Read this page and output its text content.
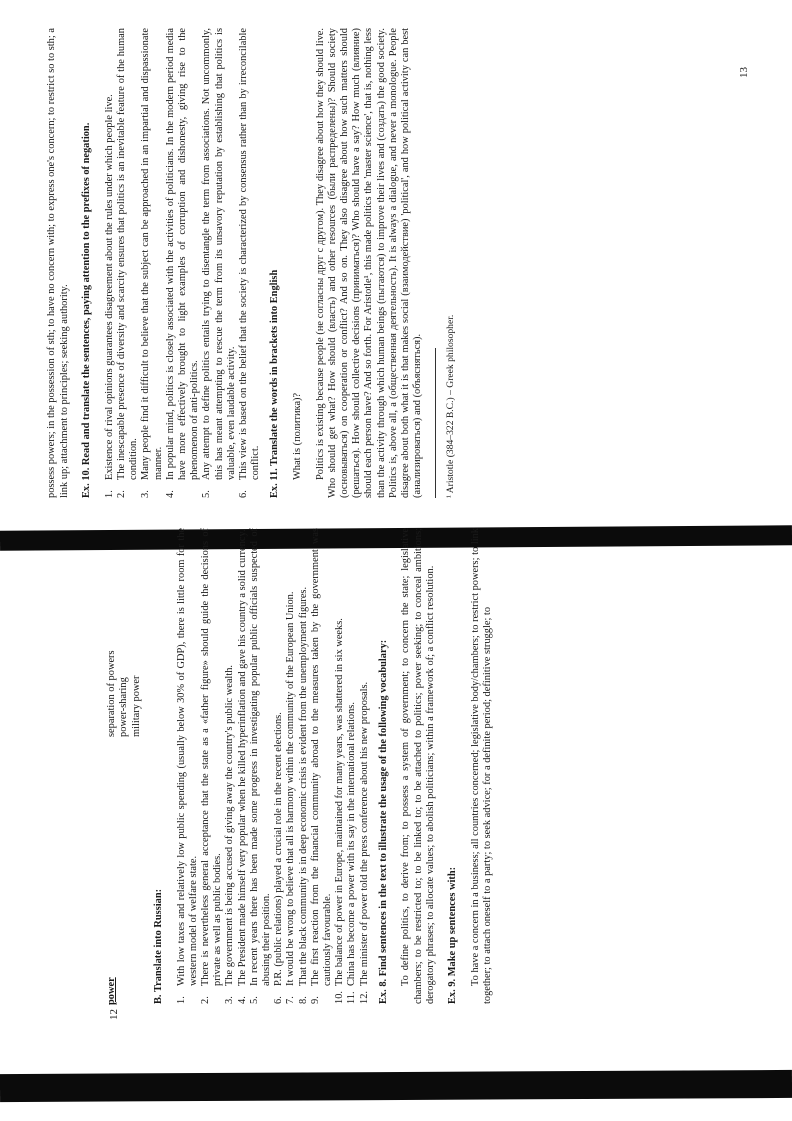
power

separation of powers power-sharing military power

B. Translate into Russian: 1.
With low taxes and relatively low public spending (usually below 30% of GDP), there is little room for the western model of welfare state.
2.
There is nevertheless general acceptance that the state as a «father figure» should guide the decisions of private as well as public bodies.
3.
The government is being accused of giving away the country's public wealth.
4.
The President made himself very popular when he killed hyperinflation and gave his country a solid currency.
5.
In recent years there has been made some progress in investigating popular public officials suspected of abusing their position.
6.
P.R. (public relations) played a crucial role in the recent elections.
7.
It would be wrong to believe that all is harmony within the community of the European Union.
8.
That the black community is in deep economic crisis is evident from the unemployment figures.
9.
The first reaction from the financial community abroad to the measures taken by the government was cautiously favourable.
10.
The balance of power in Europe, maintained for many years, was shattered in six weeks.
11.
China has become a power with its say in the international relations.
12.
The minister of power told the press conference about his new proposals. Ex. 8. Find sentences in the text to illustrate the usage of the following vocabulary: To define politics, to derive from; to possess a system of government; to concern the state; legislative chambers; to be restricted to; to be linked to; to be attached to politics; power seeking; to conceal ambitions; derogatory phrases; to allocate values; to abolish politicians; within a framework of; a conflict resolution. Ex. 9. Make up sentences with: To have a concern in a business; all countries concerned; legislative body/chambers; to restrict powers; to link together; to attach oneself to a party; to seek advice; for a definite period; definitive struggle; to

12

possess powers; in the possession of sth; to have no concern with; to express one's concern; to restrict so to sth; a link up; attachment to principles; seeking authority. Ex. 10. Read and translate the sentences, paying attention to the prefixes of negation. 1.
Existence of rival opinions guarantees disagreement about the rules under which people live.
2.
The inescapable presence of diversity and scarcity ensures that politics is an inevitable feature of the human condition.
3.
Many people find it difficult to believe that the subject can be approached in an impartial and dispassionate manner.
4.
In popular mind, politics is closely associated with the activities of politicians. In the modern period media have more effectively brought to light examples of corruption and dishonesty, giving rise to the phenomenon of anti-politics.
5.
Any attempt to define politics entails trying to disentangle the term from associations. Not uncommonly, this has meant attempting to rescue the term from its unsavory reputation by establishing that politics is valuable, even laudable activity.
6.
This view is based on the belief that the society is characterized by consensus rather than by irreconcilable conflict. Ex. 11. Translate the words in brackets into English What is (политика)? Politics is existing because people (не согласны друг с другом). They disagree about how they should live. Who should get what? How should (власть) and other resources (были распределены)? Should society (основываться) on cooperation or conflict? And so on. They also disagree about how such matters should (решаться). How should collective decisions (приниматься)? Who should have a say? How much (влияние) should each person have? And so forth. For Aristotle¹, this made politics the 'master science', that is, nothing less than the activity through which human beings (пытаются) to improve their lives and (создать) the good society. Politics is, above all, a (общественная деятельность). It is always a dialogue, and never a monologue. People disagree about both what it is that makes social (взаимодействие) 'political', and how political activity can best (анализироваться) and (объясняться). ¹ Aristotle (384–322 B.C.) – Greek philosopher.

13
